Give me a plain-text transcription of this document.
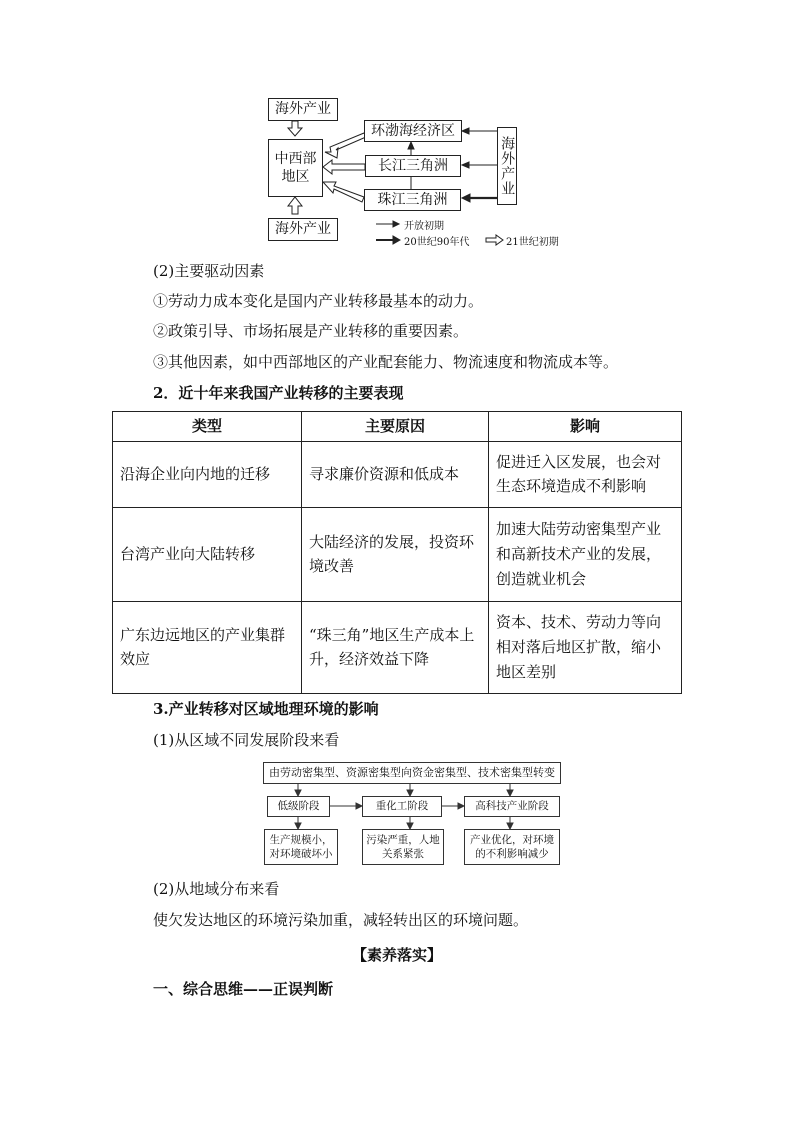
海外产业
中西部
地区
海外产业
环渤海经济区
长江三角洲
珠江三角洲
海外产业
开放初期
20世纪90年代	21世纪初期
(2)主要驱动因素
①劳动力成本变化是国内产业转移最基本的动力。
②政策引导、市场拓展是产业转移的重要因素。
③其他因素，如中西部地区的产业配套能力、物流速度和物流成本等。
2．近十年来我国产业转移的主要表现
类型	主要原因	影响
沿海企业向内地的迁移	寻求廉价资源和低成本	促进迁入区发展，也会对生态环境造成不利影响
台湾产业向大陆转移	大陆经济的发展，投资环境改善	加速大陆劳动密集型产业和高新技术产业的发展，创造就业机会
广东边远地区的产业集群效应	“珠三角”地区生产成本上升，经济效益下降	资本、技术、劳动力等向相对落后地区扩散，缩小地区差别
3.产业转移对区域地理环境的影响
(1)从区域不同发展阶段来看
由劳动密集型、资源密集型向资金密集型、技术密集型转变
低级阶段	重化工阶段	高科技产业阶段
生产规模小，对环境破坏小
污染严重，人地关系紧张
产业优化，对环境的不利影响减少
(2)从地域分布来看
使欠发达地区的环境污染加重，减轻转出区的环境问题。
【素养落实】
一、综合思维——正误判断
